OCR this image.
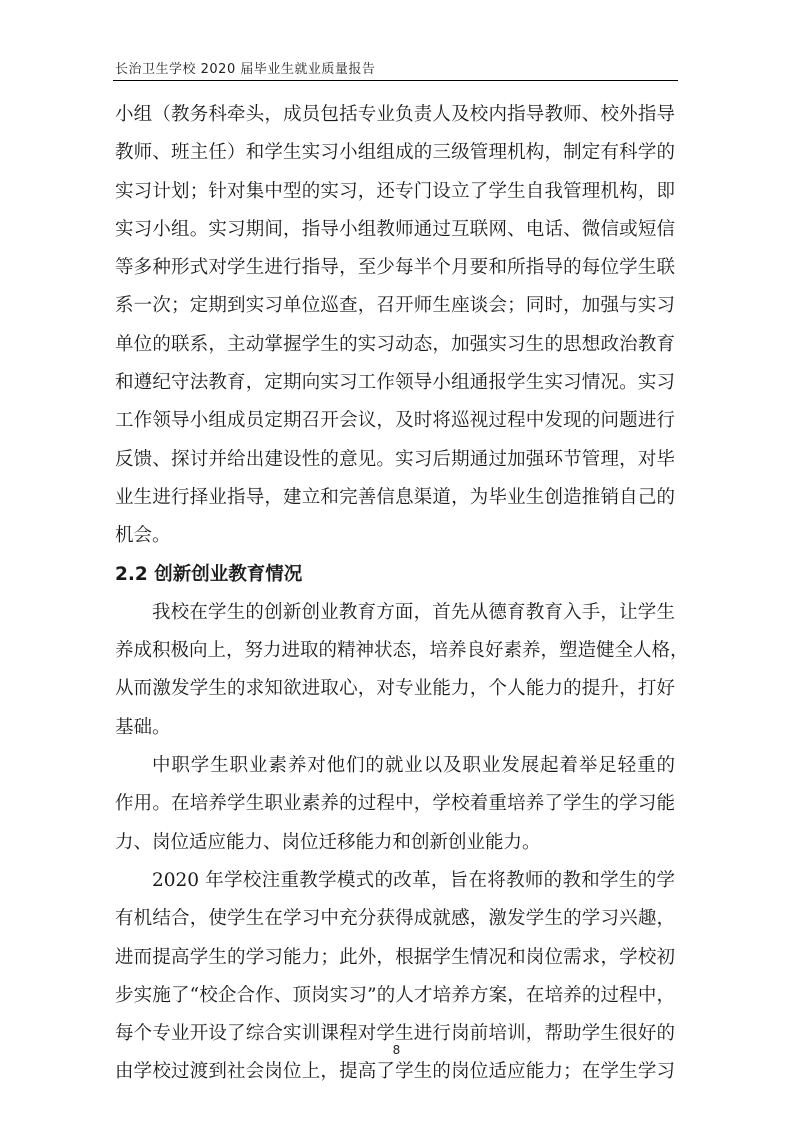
长治卫生学校 2020 届毕业生就业质量报告
小组（教务科牵头，成员包括专业负责人及校内指导教师、校外指导
教师、班主任）和学生实习小组组成的三级管理机构，制定有科学的
实习计划；针对集中型的实习，还专门设立了学生自我管理机构，即
实习小组。实习期间，指导小组教师通过互联网、电话、微信或短信
等多种形式对学生进行指导，至少每半个月要和所指导的每位学生联
系一次；定期到实习单位巡查，召开师生座谈会；同时，加强与实习
单位的联系，主动掌握学生的实习动态，加强实习生的思想政治教育
和遵纪守法教育，定期向实习工作领导小组通报学生实习情况。实习
工作领导小组成员定期召开会议，及时将巡视过程中发现的问题进行
反馈、探讨并给出建设性的意见。实习后期通过加强环节管理，对毕
业生进行择业指导，建立和完善信息渠道，为毕业生创造推销自己的
机会。
2.2 创新创业教育情况
我校在学生的创新创业教育方面，首先从德育教育入手，让学生
养成积极向上，努力进取的精神状态，培养良好素养，塑造健全人格，
从而激发学生的求知欲进取心，对专业能力，个人能力的提升，打好
基础。
中职学生职业素养对他们的就业以及职业发展起着举足轻重的
作用。在培养学生职业素养的过程中，学校着重培养了学生的学习能
力、岗位适应能力、岗位迁移能力和创新创业能力。
2020 年学校注重教学模式的改革，旨在将教师的教和学生的学
有机结合，使学生在学习中充分获得成就感，激发学生的学习兴趣，
进而提高学生的学习能力；此外，根据学生情况和岗位需求，学校初
步实施了“校企合作、顶岗实习”的人才培养方案，在培养的过程中，
每个专业开设了综合实训课程对学生进行岗前培训，帮助学生很好的
由学校过渡到社会岗位上，提高了学生的岗位适应能力；在学生学习
8
